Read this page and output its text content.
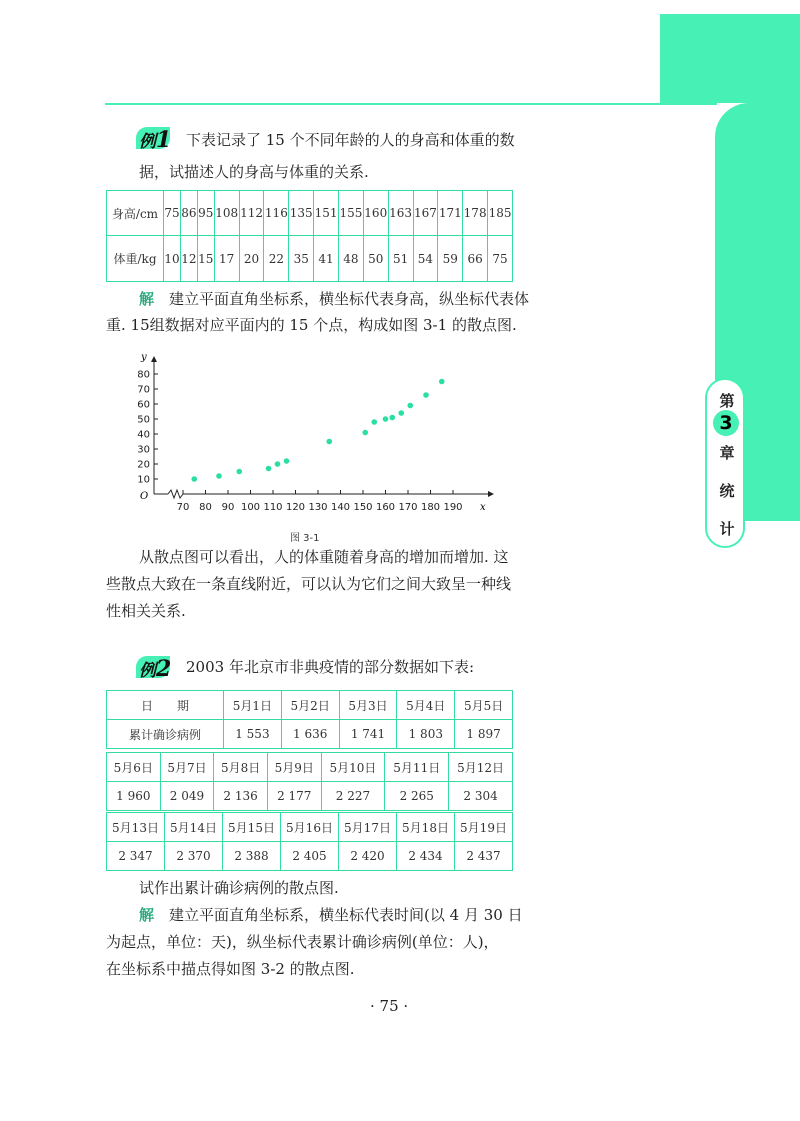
第
3
章
统
计
例1 下表记录了 15 个不同年龄的人的身高和体重的数
据，试描述人的身高与体重的关系.
身高/cm	75	86	95	108	112	116	135	151	155	160	163	167	171	178	185
体重/kg	10	12	15	17	20	22	35	41	48	50	51	54	59	66	75
解　 建立平面直角坐标系，横坐标代表身高，纵坐标代表体
重. 15组数据对应平面内的 15 个点，构成如图 3-1 的散点图.
x
y
O
10
20
30
40
50
60
70
80
70 80 90 100 110 120 130 140 150 160 170 180 190
图 3-1
从散点图可以看出，人的体重随着身高的增加而增加. 这
些散点大致在一条直线附近，可以认为它们之间大致呈一种线
性相关关系.
例2 2003 年北京市非典疫情的部分数据如下表:
日　　期	5月1日	5月2日	5月3日	5月4日	5月5日
累计确诊病例	1 553	1 636	1 741	1 803	1 897
5月6日	5月7日	5月8日	5月9日	5月10日	5月11日	5月12日
1 960	2 049	2 136	2 177	2 227	2 265	2 304
5月13日	5月14日	5月15日	5月16日	5月17日	5月18日	5月19日
2 347	2 370	2 388	2 405	2 420	2 434	2 437
试作出累计确诊病例的散点图.
解　 建立平面直角坐标系，横坐标代表时间(以 4 月 30 日
为起点，单位：天)，纵坐标代表累计确诊病例(单位：人)，
在坐标系中描点得如图 3-2 的散点图.
· 75 ·
